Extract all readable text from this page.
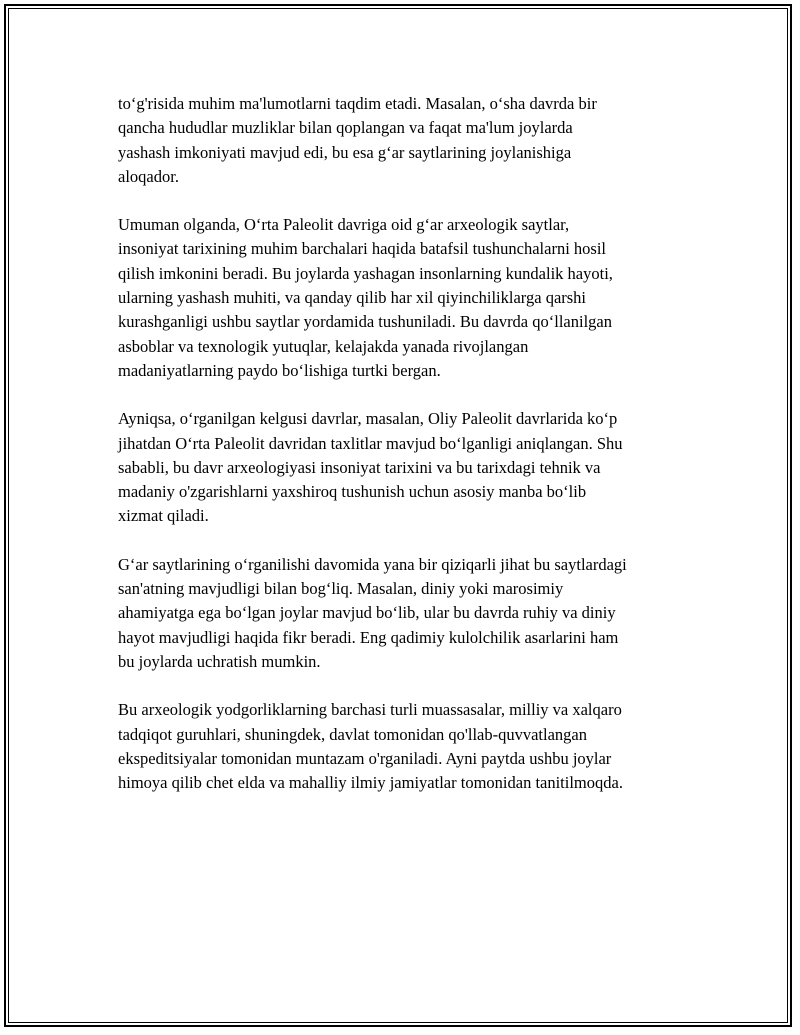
to‘g'risida muhim ma'lumotlarni taqdim etadi. Masalan, o‘sha davrda bir
qancha hududlar muzliklar bilan qoplangan va faqat ma'lum joylarda
yashash imkoniyati mavjud edi, bu esa g‘ar saytlarining joylanishiga
aloqador.

Umuman olganda, O‘rta Paleolit davriga oid g‘ar arxeologik saytlar,
insoniyat tarixining muhim barchalari haqida batafsil tushunchalarni hosil
qilish imkonini beradi. Bu joylarda yashagan insonlarning kundalik hayoti,
ularning yashash muhiti, va qanday qilib har xil qiyinchiliklarga qarshi
kurashganligi ushbu saytlar yordamida tushuniladi. Bu davrda qo‘llanilgan
asboblar va texnologik yutuqlar, kelajakda yanada rivojlangan
madaniyatlarning paydo bo‘lishiga turtki bergan.

Ayniqsa, o‘rganilgan kelgusi davrlar, masalan, Oliy Paleolit davrlarida ko‘p
jihatdan O‘rta Paleolit davridan taxlitlar mavjud bo‘lganligi aniqlangan. Shu
sababli, bu davr arxeologiyasi insoniyat tarixini va bu tarixdagi tehnik va
madaniy o'zgarishlarni yaxshiroq tushunish uchun asosiy manba bo‘lib
xizmat qiladi.

G‘ar saytlarining o‘rganilishi davomida yana bir qiziqarli jihat bu saytlardagi
san'atning mavjudligi bilan bog‘liq. Masalan, diniy yoki marosimiy
ahamiyatga ega bo‘lgan joylar mavjud bo‘lib, ular bu davrda ruhiy va diniy
hayot mavjudligi haqida fikr beradi. Eng qadimiy kulolchilik asarlarini ham
bu joylarda uchratish mumkin.

Bu arxeologik yodgorliklarning barchasi turli muassasalar, milliy va xalqaro
tadqiqot guruhlari, shuningdek, davlat tomonidan qo'llab-quvvatlangan
ekspeditsiyalar tomonidan muntazam o'rganiladi. Ayni paytda ushbu joylar
himoya qilib chet elda va mahalliy ilmiy jamiyatlar tomonidan tanitilmoqda.
